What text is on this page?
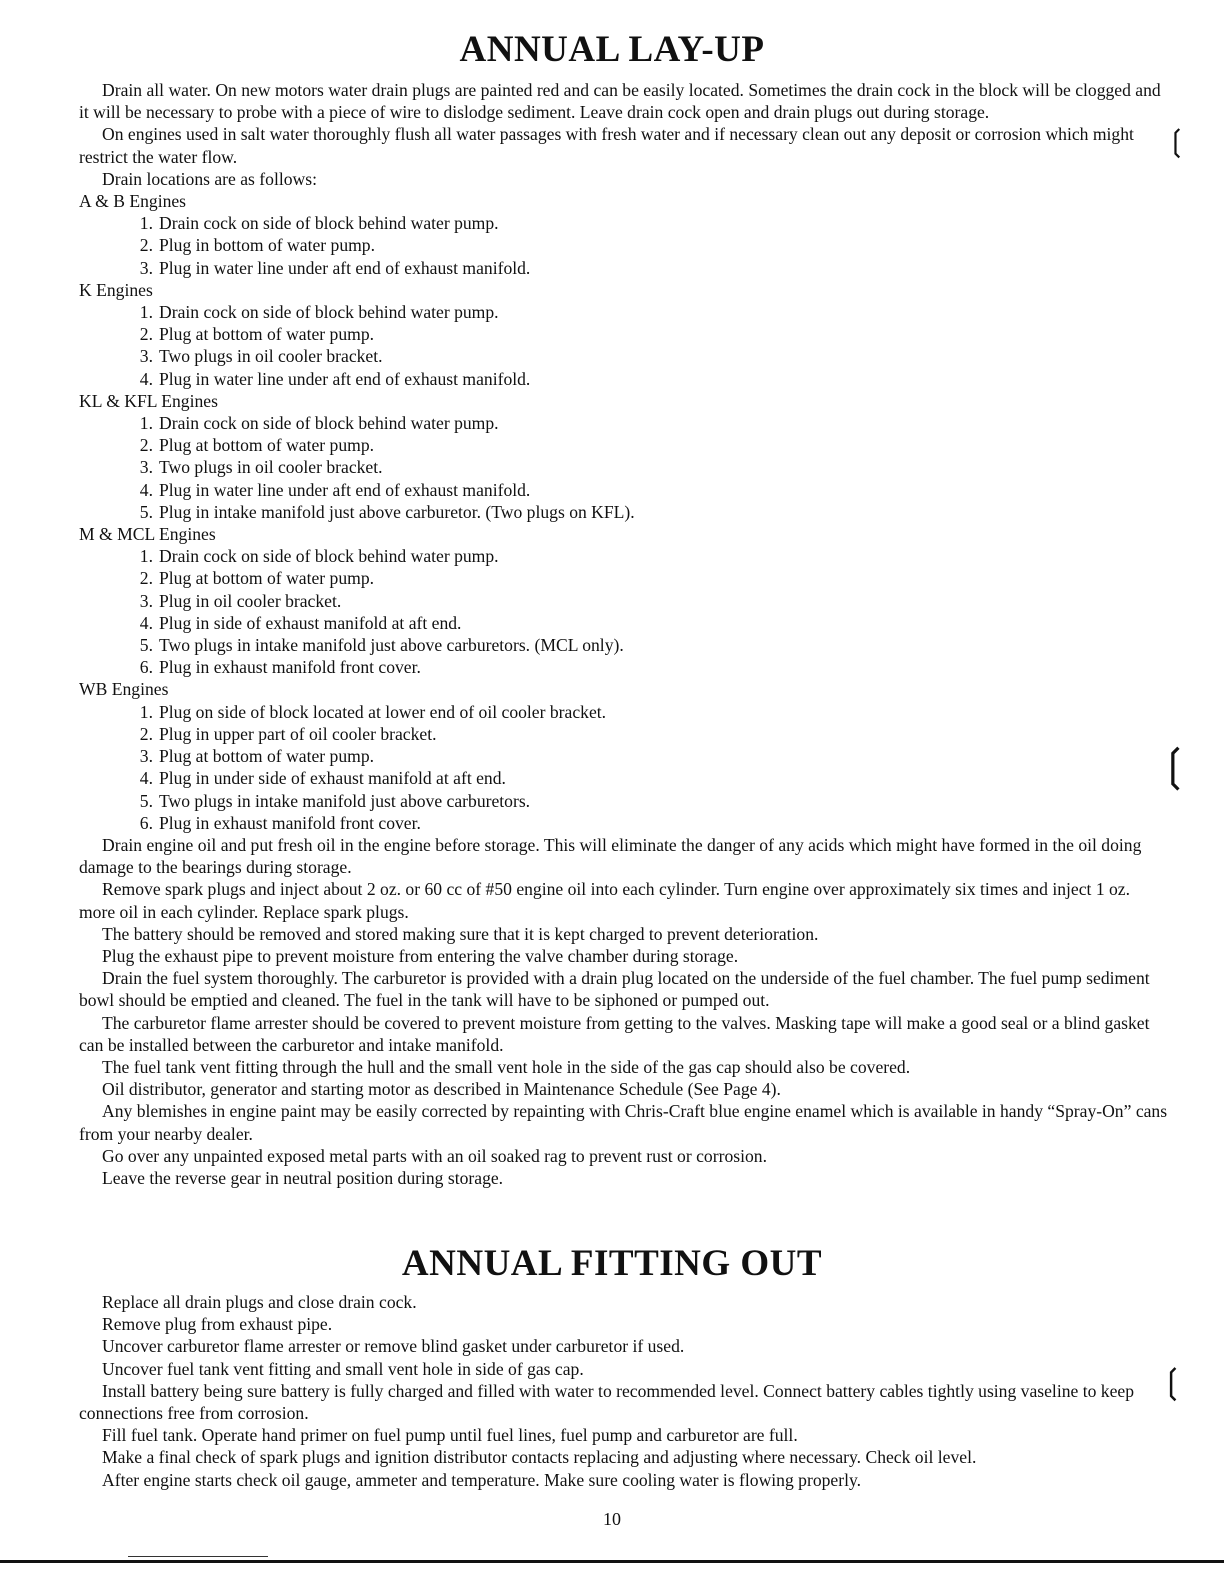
ANNUAL LAY-UP

Drain all water. On new motors water drain plugs are painted red and can be easily located. Sometimes the drain cock in the block will be clogged and it will be necessary to probe with a piece of wire to dislodge sediment. Leave drain cock open and drain plugs out during storage.

On engines used in salt water thoroughly flush all water passages with fresh water and if necessary clean out any deposit or corrosion which might restrict the water flow.

Drain locations are as follows:

A & B Engines

1. Drain cock on side of block behind water pump.
2. Plug in bottom of water pump.
3. Plug in water line under aft end of exhaust manifold.

K Engines

1. Drain cock on side of block behind water pump.
2. Plug at bottom of water pump.
3. Two plugs in oil cooler bracket.
4. Plug in water line under aft end of exhaust manifold.

KL & KFL Engines

1. Drain cock on side of block behind water pump.
2. Plug at bottom of water pump.
3. Two plugs in oil cooler bracket.
4. Plug in water line under aft end of exhaust manifold.
5. Plug in intake manifold just above carburetor. (Two plugs on KFL).

M & MCL Engines

1. Drain cock on side of block behind water pump.
2. Plug at bottom of water pump.
3. Plug in oil cooler bracket.
4. Plug in side of exhaust manifold at aft end.
5. Two plugs in intake manifold just above carburetors. (MCL only).
6. Plug in exhaust manifold front cover.

WB Engines

1. Plug on side of block located at lower end of oil cooler bracket.
2. Plug in upper part of oil cooler bracket.
3. Plug at bottom of water pump.
4. Plug in under side of exhaust manifold at aft end.
5. Two plugs in intake manifold just above carburetors.
6. Plug in exhaust manifold front cover.

Drain engine oil and put fresh oil in the engine before storage. This will eliminate the danger of any acids which might have formed in the oil doing damage to the bearings during storage.

Remove spark plugs and inject about 2 oz. or 60 cc of #50 engine oil into each cylinder. Turn engine over approximately six times and inject 1 oz. more oil in each cylinder. Replace spark plugs.

The battery should be removed and stored making sure that it is kept charged to prevent deterioration.

Plug the exhaust pipe to prevent moisture from entering the valve chamber during storage.

Drain the fuel system thoroughly. The carburetor is provided with a drain plug located on the underside of the fuel chamber. The fuel pump sediment bowl should be emptied and cleaned. The fuel in the tank will have to be siphoned or pumped out.

The carburetor flame arrester should be covered to prevent moisture from getting to the valves. Masking tape will make a good seal or a blind gasket can be installed between the carburetor and intake manifold.

The fuel tank vent fitting through the hull and the small vent hole in the side of the gas cap should also be covered.

Oil distributor, generator and starting motor as described in Maintenance Schedule (See Page 4).

Any blemishes in engine paint may be easily corrected by repainting with Chris-Craft blue engine enamel which is available in handy “Spray-On” cans from your nearby dealer.

Go over any unpainted exposed metal parts with an oil soaked rag to prevent rust or corrosion.

Leave the reverse gear in neutral position during storage.

ANNUAL FITTING OUT

Replace all drain plugs and close drain cock.

Remove plug from exhaust pipe.

Uncover carburetor flame arrester or remove blind gasket under carburetor if used.

Uncover fuel tank vent fitting and small vent hole in side of gas cap.

Install battery being sure battery is fully charged and filled with water to recommended level. Connect battery cables tightly using vaseline to keep connections free from corrosion.

Fill fuel tank. Operate hand primer on fuel pump until fuel lines, fuel pump and carburetor are full.

Make a final check of spark plugs and ignition distributor contacts replacing and adjusting where necessary. Check oil level.

After engine starts check oil gauge, ammeter and temperature. Make sure cooling water is flowing properly.

10
❲
❲
❲
